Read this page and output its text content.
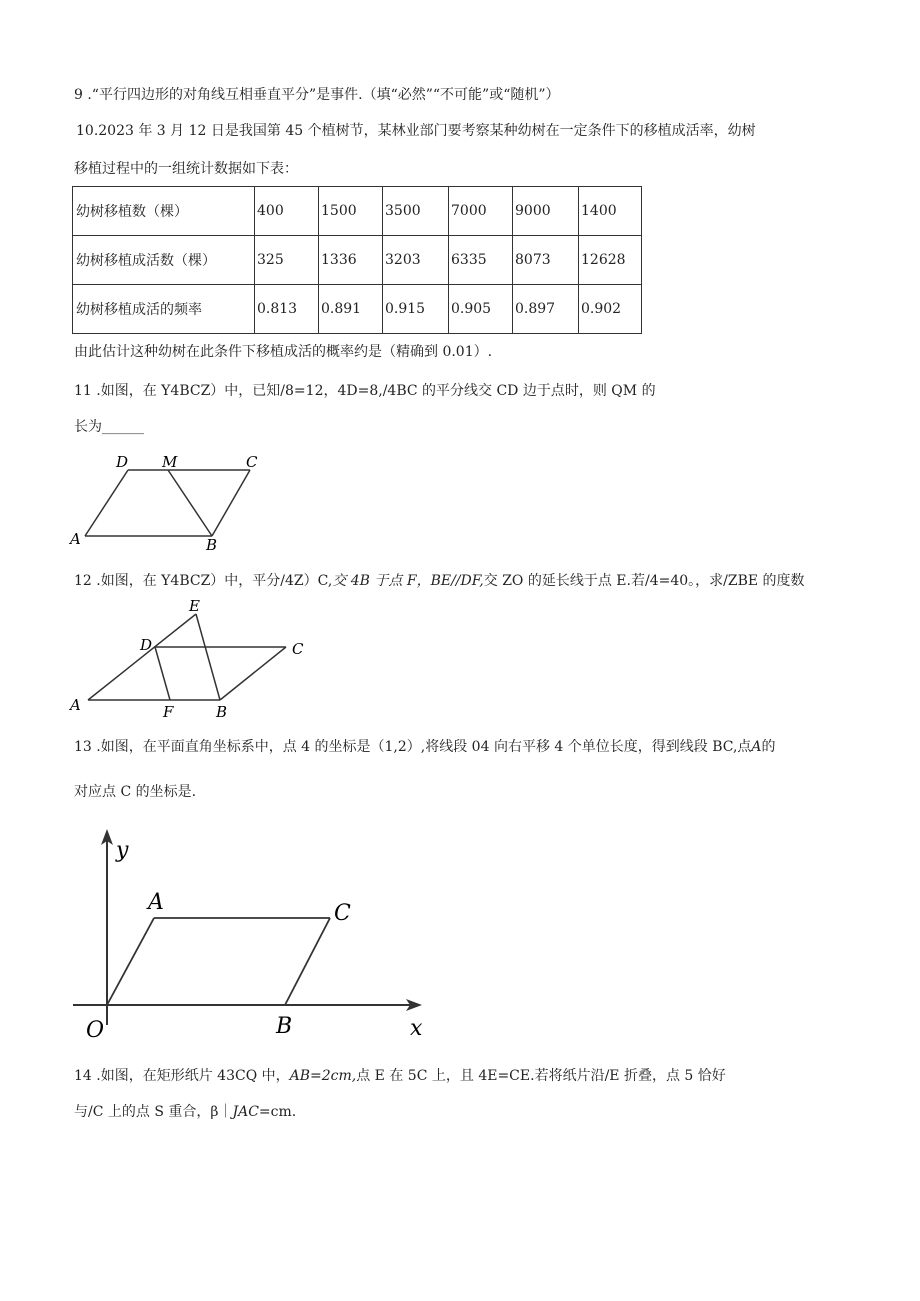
9 .“平行四边形的对角线互相垂直平分”是事件.（填“必然”“不可能”或“随机”）
10.2023 年 3 月 12 日是我国第 45 个植树节，某林业部门要考察某种幼树在一定条件下的移植成活率，幼树
移植过程中的一组统计数据如下表：
幼树移植数（棵）	400	1500	3500	7000	9000	1400
幼树移植成活数（棵）	325	1336	3203	6335	8073	12628
幼树移植成活的频率	0.813	0.891	0.915	0.905	0.897	0.902
由此估计这种幼树在此条件下移植成活的概率约是（精确到 0.01）.
11 .如图，在 Y4BCZ）中，已知/8=12，4D=8,/4BC 的平分线交 CD 边于点时，则 QM 的
长为______
D M	C
A	B
12 .如图，在 Y4BCZ）中，平分/4Z）C,交 4B 于点 F，BE//DF,交 ZO 的延长线于点 E.若/4=40。，求/ZBE 的度数
E
D	C
A	F	B
13 .如图，在平面直角坐标系中，点 4 的坐标是（1,2）,将线段 04 向右平移 4 个单位长度，得到线段 BC,点A的
对应点 C 的坐标是.
y
x
O
A
B
C
14 .如图，在矩形纸片 43CQ 中，AB=2cm,点 E 在 5C 上，且 4E=CE.若将纸片沿/E 折叠，点 5 恰好
与/C 上的点 S 重合，β｜JAC=cm.
